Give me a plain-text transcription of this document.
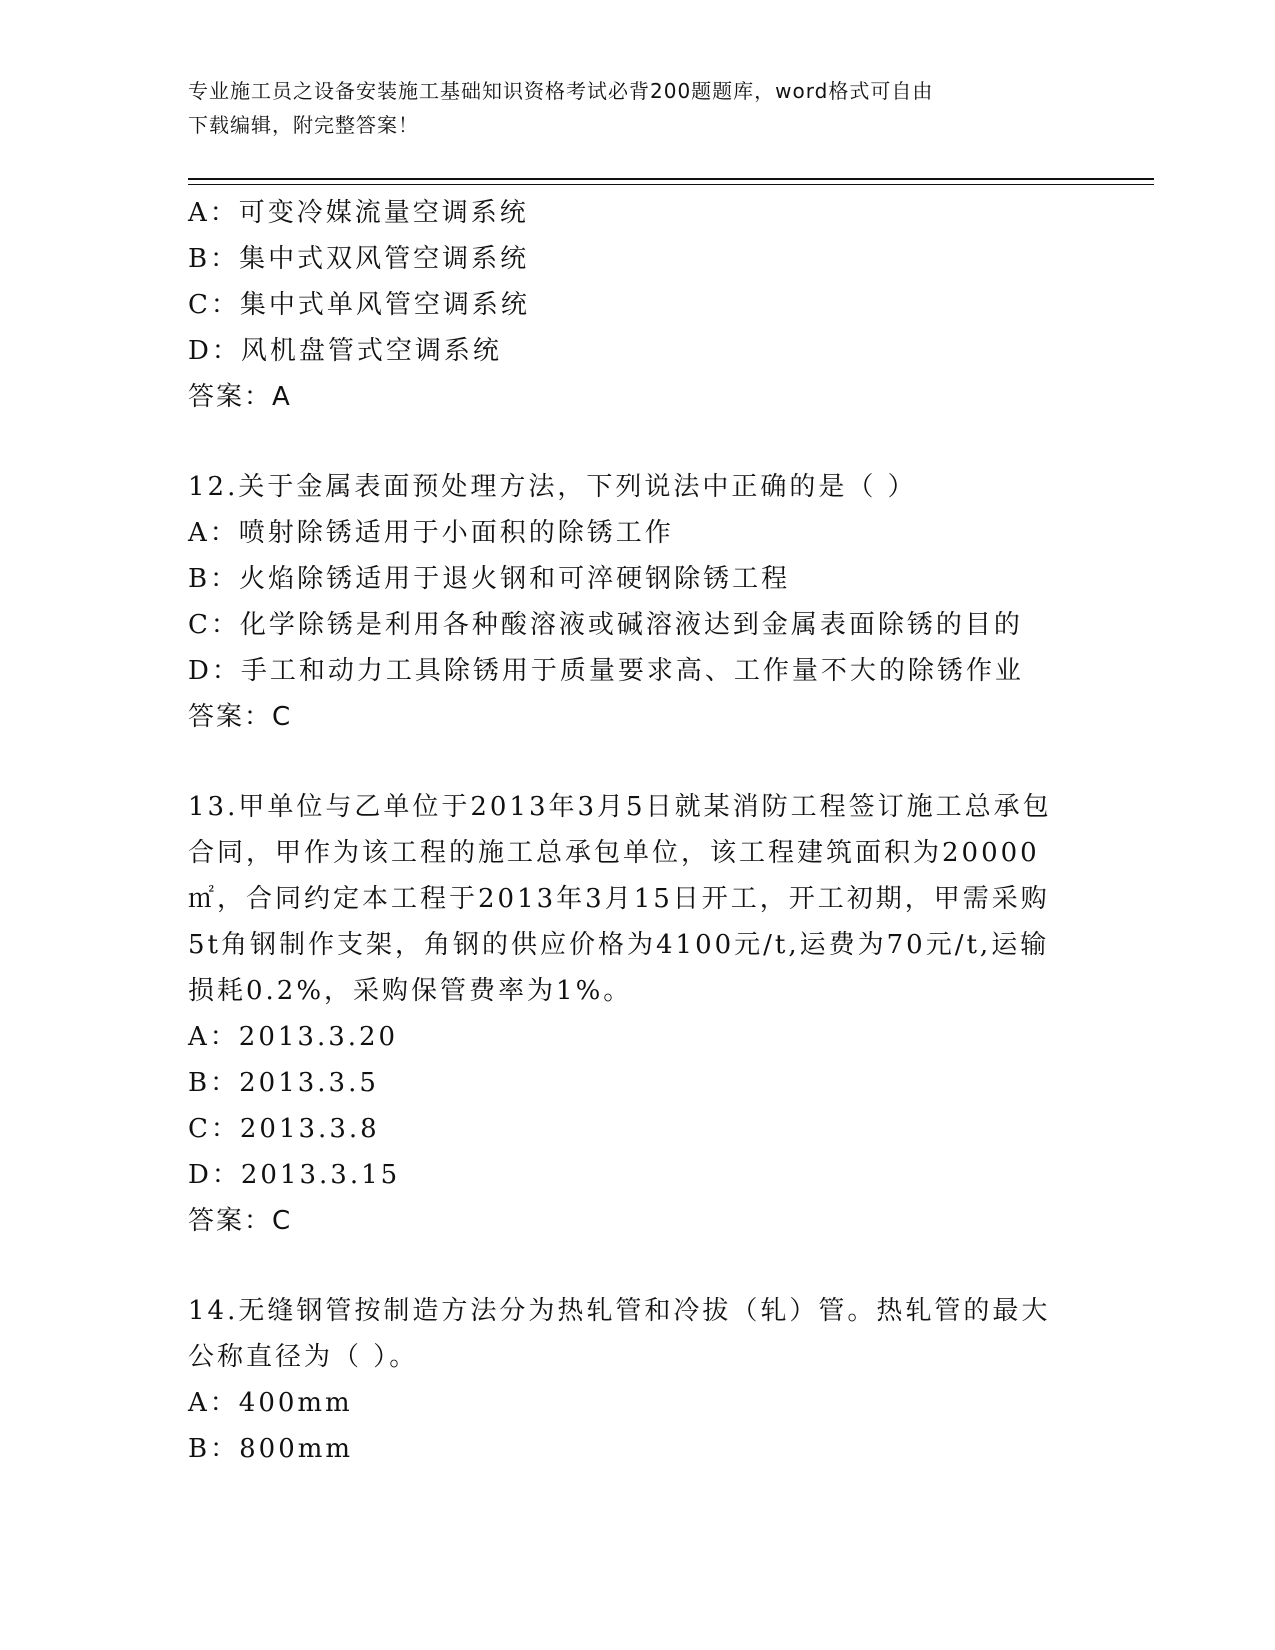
专业施工员之设备安装施工基础知识资格考试必背200题题库，word格式可自由
下载编辑，附完整答案！
A：可变冷媒流量空调系统
B：集中式双风管空调系统
C：集中式单风管空调系统
D：风机盘管式空调系统
答案：A
12.关于金属表面预处理方法，下列说法中正确的是（ ）
A：喷射除锈适用于小面积的除锈工作
B：火焰除锈适用于退火钢和可淬硬钢除锈工程
C：化学除锈是利用各种酸溶液或碱溶液达到金属表面除锈的目的
D：手工和动力工具除锈用于质量要求高、工作量不大的除锈作业
答案：C
13.甲单位与乙单位于2013年3月5日就某消防工程签订施工总承包合同，甲作为该工程的施工总承包单位，该工程建筑面积为20000㎡，合同约定本工程于2013年3月15日开工，开工初期，甲需采购5t角钢制作支架，角钢的供应价格为4100元/t,运费为70元/t,运输损耗0.2%，采购保管费率为1%。
A：2013.3.20
B：2013.3.5
C：2013.3.8
D：2013.3.15
答案：C
14.无缝钢管按制造方法分为热轧管和冷拔（轧）管。热轧管的最大公称直径为（ ）。
A：400mm
B：800mm
